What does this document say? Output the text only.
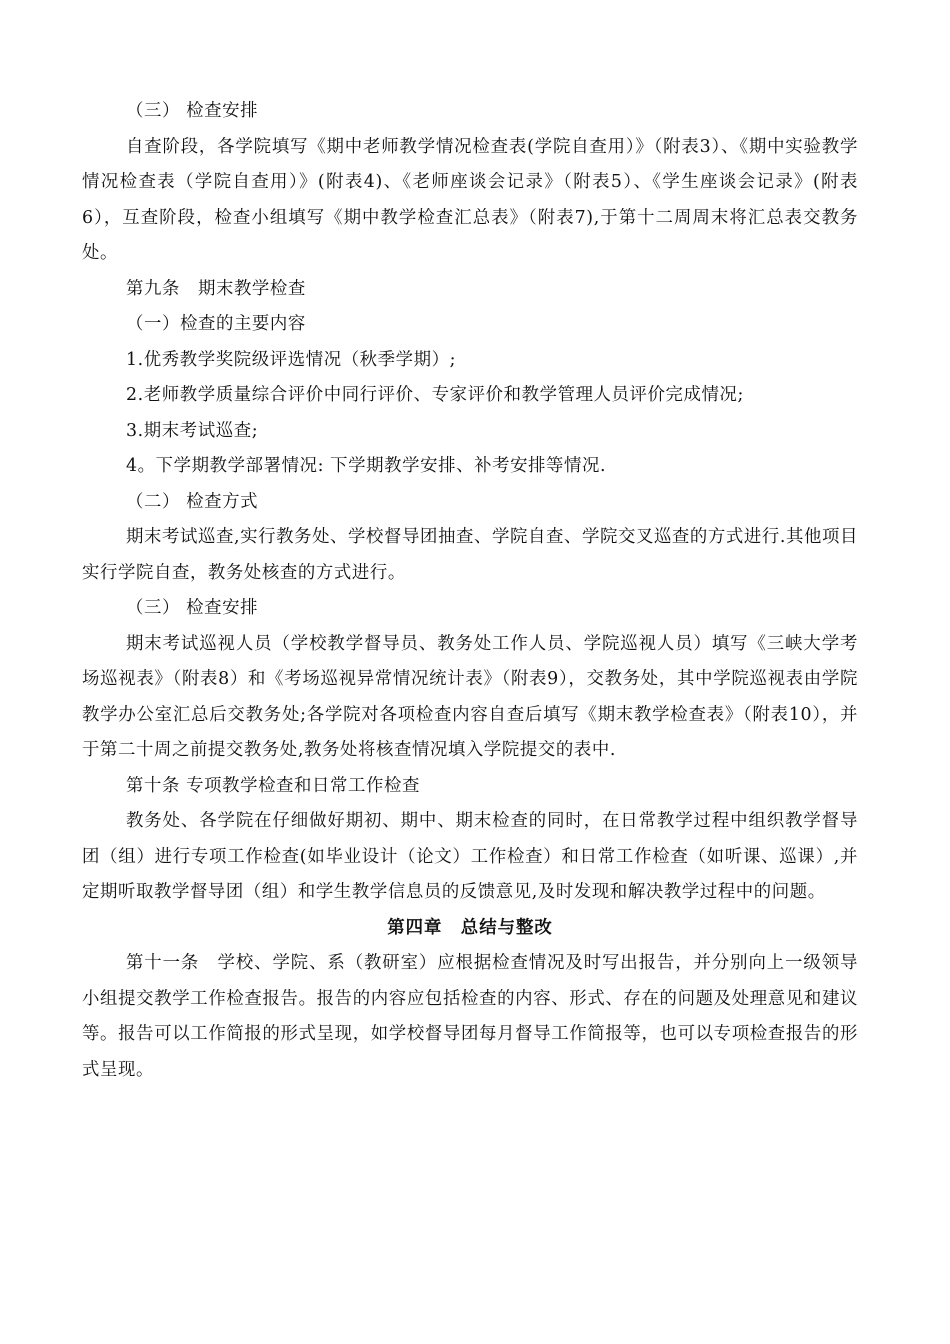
（三） 检查安排

自查阶段，各学院填写《期中老师教学情况检查表(学院自查用）》（附表3）、《期中实验教学情况检查表（学院自查用）》(附表4)、《老师座谈会记录》（附表5）、《学生座谈会记录》(附表6），互查阶段，检查小组填写《期中教学检查汇总表》（附表7),于第十二周周末将汇总表交教务处。

第九条　期末教学检查

（一）检查的主要内容

1.优秀教学奖院级评选情况（秋季学期）;

2.老师教学质量综合评价中同行评价、专家评价和教学管理人员评价完成情况;

3.期末考试巡查;

4。下学期教学部署情况: 下学期教学安排、补考安排等情况.

（二） 检查方式

期末考试巡查,实行教务处、学校督导团抽查、学院自查、学院交叉巡查的方式进行.其他项目实行学院自查，教务处核查的方式进行。

（三） 检查安排

期末考试巡视人员（学校教学督导员、教务处工作人员、学院巡视人员）填写《三峡大学考场巡视表》（附表8）和《考场巡视异常情况统计表》（附表9），交教务处，其中学院巡视表由学院教学办公室汇总后交教务处;各学院对各项检查内容自查后填写《期末教学检查表》（附表10），并于第二十周之前提交教务处,教务处将核查情况填入学院提交的表中.

第十条 专项教学检查和日常工作检查

教务处、各学院在仔细做好期初、期中、期末检查的同时，在日常教学过程中组织教学督导团（组）进行专项工作检查(如毕业设计（论文）工作检查）和日常工作检查（如听课、巡课）,并定期听取教学督导团（组）和学生教学信息员的反馈意见,及时发现和解决教学过程中的问题。

第四章　总结与整改

第十一条　学校、学院、系（教研室）应根据检查情况及时写出报告，并分别向上一级领导小组提交教学工作检查报告。报告的内容应包括检查的内容、形式、存在的问题及处理意见和建议等。报告可以工作简报的形式呈现，如学校督导团每月督导工作简报等，也可以专项检查报告的形式呈现。
